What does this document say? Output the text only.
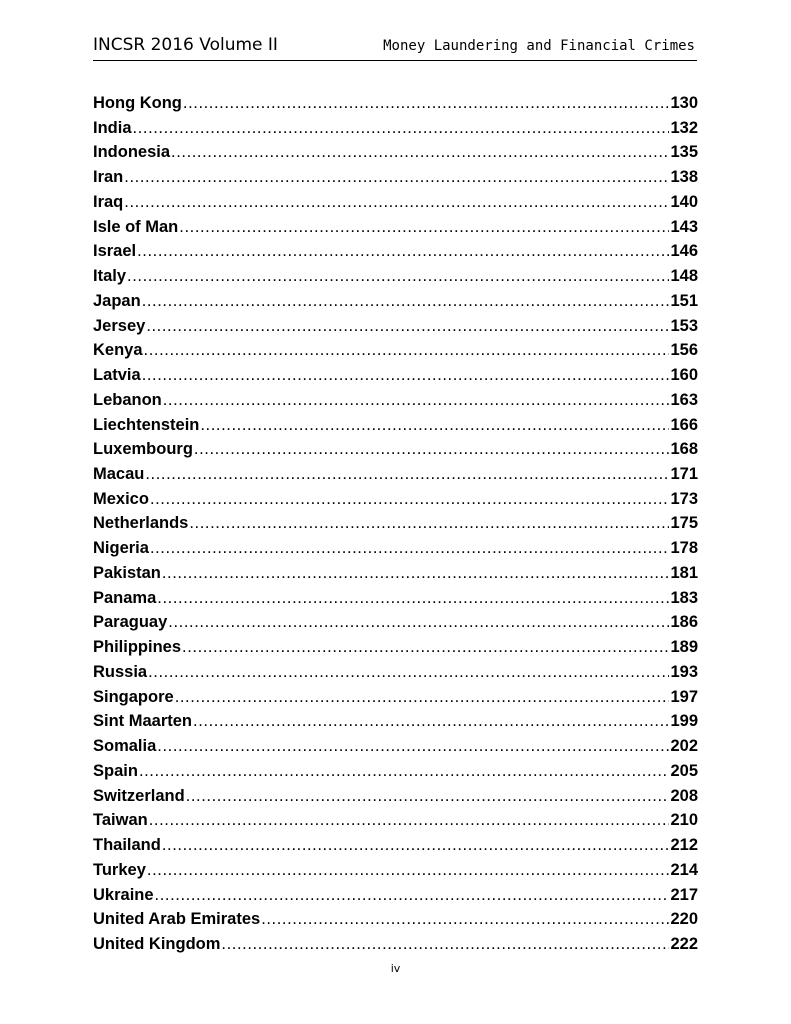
INCSR 2016 Volume II	Money Laundering and Financial Crimes
Hong Kong .....	130
India .....	132
Indonesia .....	135
Iran .....	138
Iraq .....	140
Isle of Man .....	143
Israel .....	146
Italy .....	148
Japan .....	151
Jersey .....	153
Kenya .....	156
Latvia .....	160
Lebanon .....	163
Liechtenstein .....	166
Luxembourg .....	168
Macau .....	171
Mexico .....	173
Netherlands .....	175
Nigeria .....	178
Pakistan .....	181
Panama .....	183
Paraguay .....	186
Philippines .....	189
Russia .....	193
Singapore .....	197
Sint Maarten .....	199
Somalia .....	202
Spain .....	205
Switzerland .....	208
Taiwan .....	210
Thailand .....	212
Turkey .....	214
Ukraine .....	217
United Arab Emirates .....	220
United Kingdom .....	222
iv
